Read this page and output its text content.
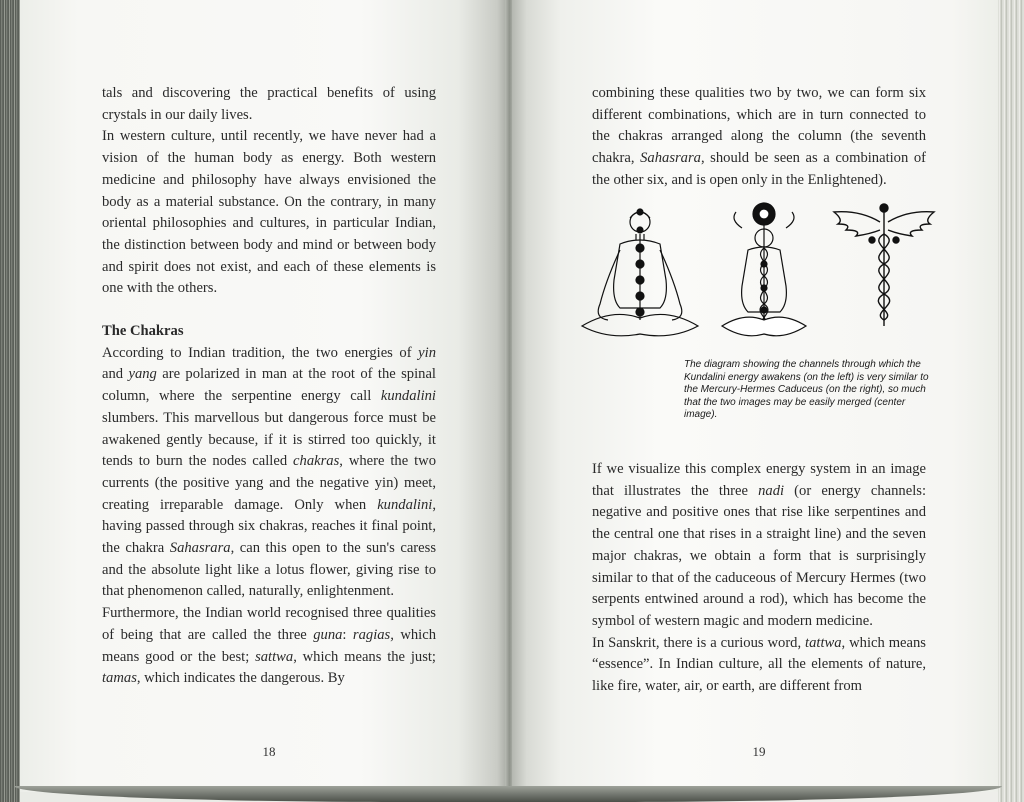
tals and discovering the practical benefits of using crystals in our daily lives.

In western culture, until recently, we have never had a vision of the human body as energy. Both western medicine and philosophy have always envisioned the body as a material substance. On the contrary, in many oriental philosophies and cultures, in particular Indian, the distinction between body and mind or between body and spirit does not exist, and each of these elements is one with the others.

The Chakras

According to Indian tradition, the two energies of yin and yang are polarized in man at the root of the spinal column, where the serpentine energy call kundalini slumbers. This marvellous but dangerous force must be awakened gently because, if it is stirred too quickly, it tends to burn the nodes called chakras, where the two currents (the positive yang and the negative yin) meet, creating irreparable damage. Only when kundalini, having passed through six chakras, reaches it final point, the chakra Sahasrara, can this open to the sun's caress and the absolute light like a lotus flower, giving rise to that phenomenon called, naturally, enlightenment.

Furthermore, the Indian world recognised three qualities of being that are called the three guna: ragias, which means good or the best; sattwa, which means the just; tamas, which indicates the dangerous. By

18

combining these qualities two by two, we can form six different combinations, which are in turn connected to the chakras arranged along the column (the seventh chakra, Sahasrara, should be seen as a combination of the other six, and is open only in the Enlightened).

The diagram showing the channels through which the Kundalini energy awakens (on the left) is very similar to the Mercury-Hermes Caduceus (on the right), so much that the two images may be easily merged (center image).

If we visualize this complex energy system in an image that illustrates the three nadi (or energy channels: negative and positive ones that rise like serpentines and the central one that rises in a straight line) and the seven major chakras, we obtain a form that is surprisingly similar to that of the caduceous of Mercury Hermes (two serpents entwined around a rod), which has become the symbol of western magic and modern medicine.

In Sanskrit, there is a curious word, tattwa, which means “essence”. In Indian culture, all the elements of nature, like fire, water, air, or earth, are different from

19
